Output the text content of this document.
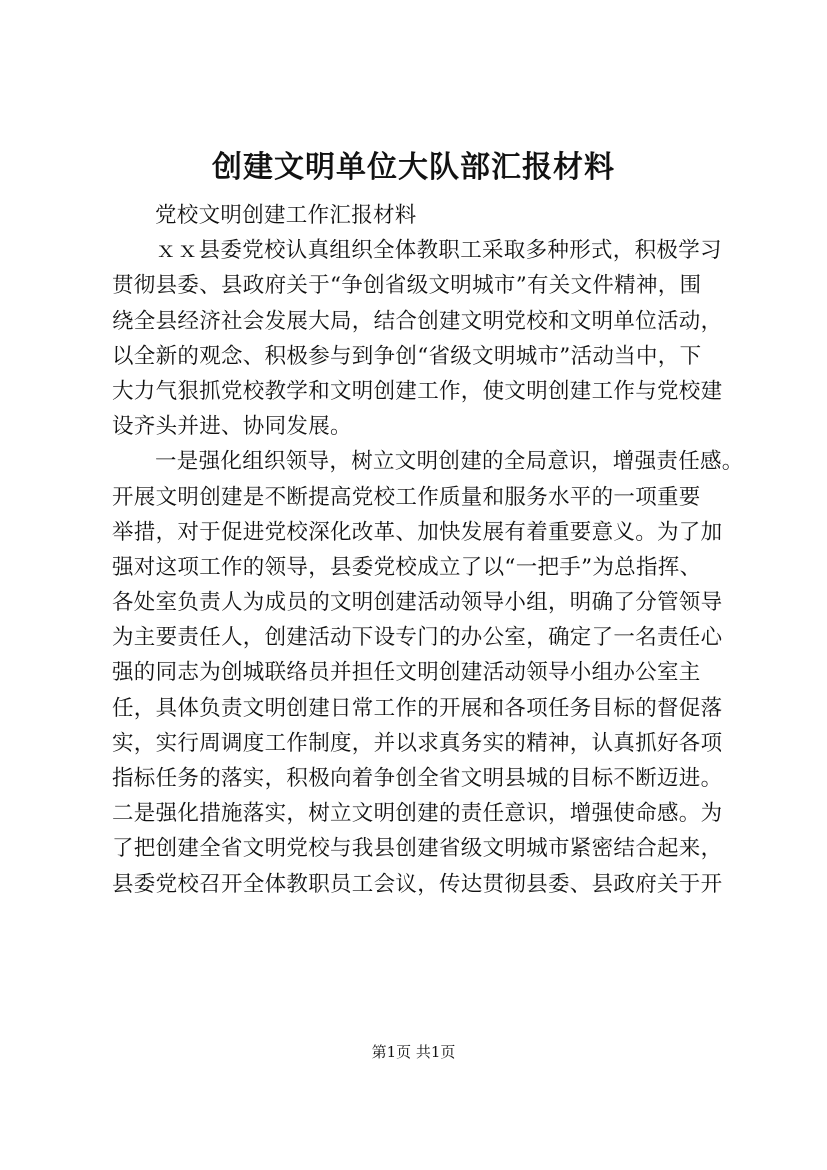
创建文明单位大队部汇报材料
党校文明创建工作汇报材料
ｘｘ县委党校认真组织全体教职工采取多种形式，积极学习
贯彻县委、县政府关于“争创省级文明城市”有关文件精神，围
绕全县经济社会发展大局，结合创建文明党校和文明单位活动，
以全新的观念、积极参与到争创“省级文明城市”活动当中，下
大力气狠抓党校教学和文明创建工作，使文明创建工作与党校建
设齐头并进、协同发展。
一是强化组织领导，树立文明创建的全局意识，增强责任感。
开展文明创建是不断提高党校工作质量和服务水平的一项重要
举措，对于促进党校深化改革、加快发展有着重要意义。为了加
强对这项工作的领导，县委党校成立了以“一把手”为总指挥、
各处室负责人为成员的文明创建活动领导小组，明确了分管领导
为主要责任人，创建活动下设专门的办公室，确定了一名责任心
强的同志为创城联络员并担任文明创建活动领导小组办公室主
任，具体负责文明创建日常工作的开展和各项任务目标的督促落
实，实行周调度工作制度，并以求真务实的精神，认真抓好各项
指标任务的落实，积极向着争创全省文明县城的目标不断迈进。
二是强化措施落实，树立文明创建的责任意识，增强使命感。为
了把创建全省文明党校与我县创建省级文明城市紧密结合起来，
县委党校召开全体教职员工会议，传达贯彻县委、县政府关于开
第1页 共1页
